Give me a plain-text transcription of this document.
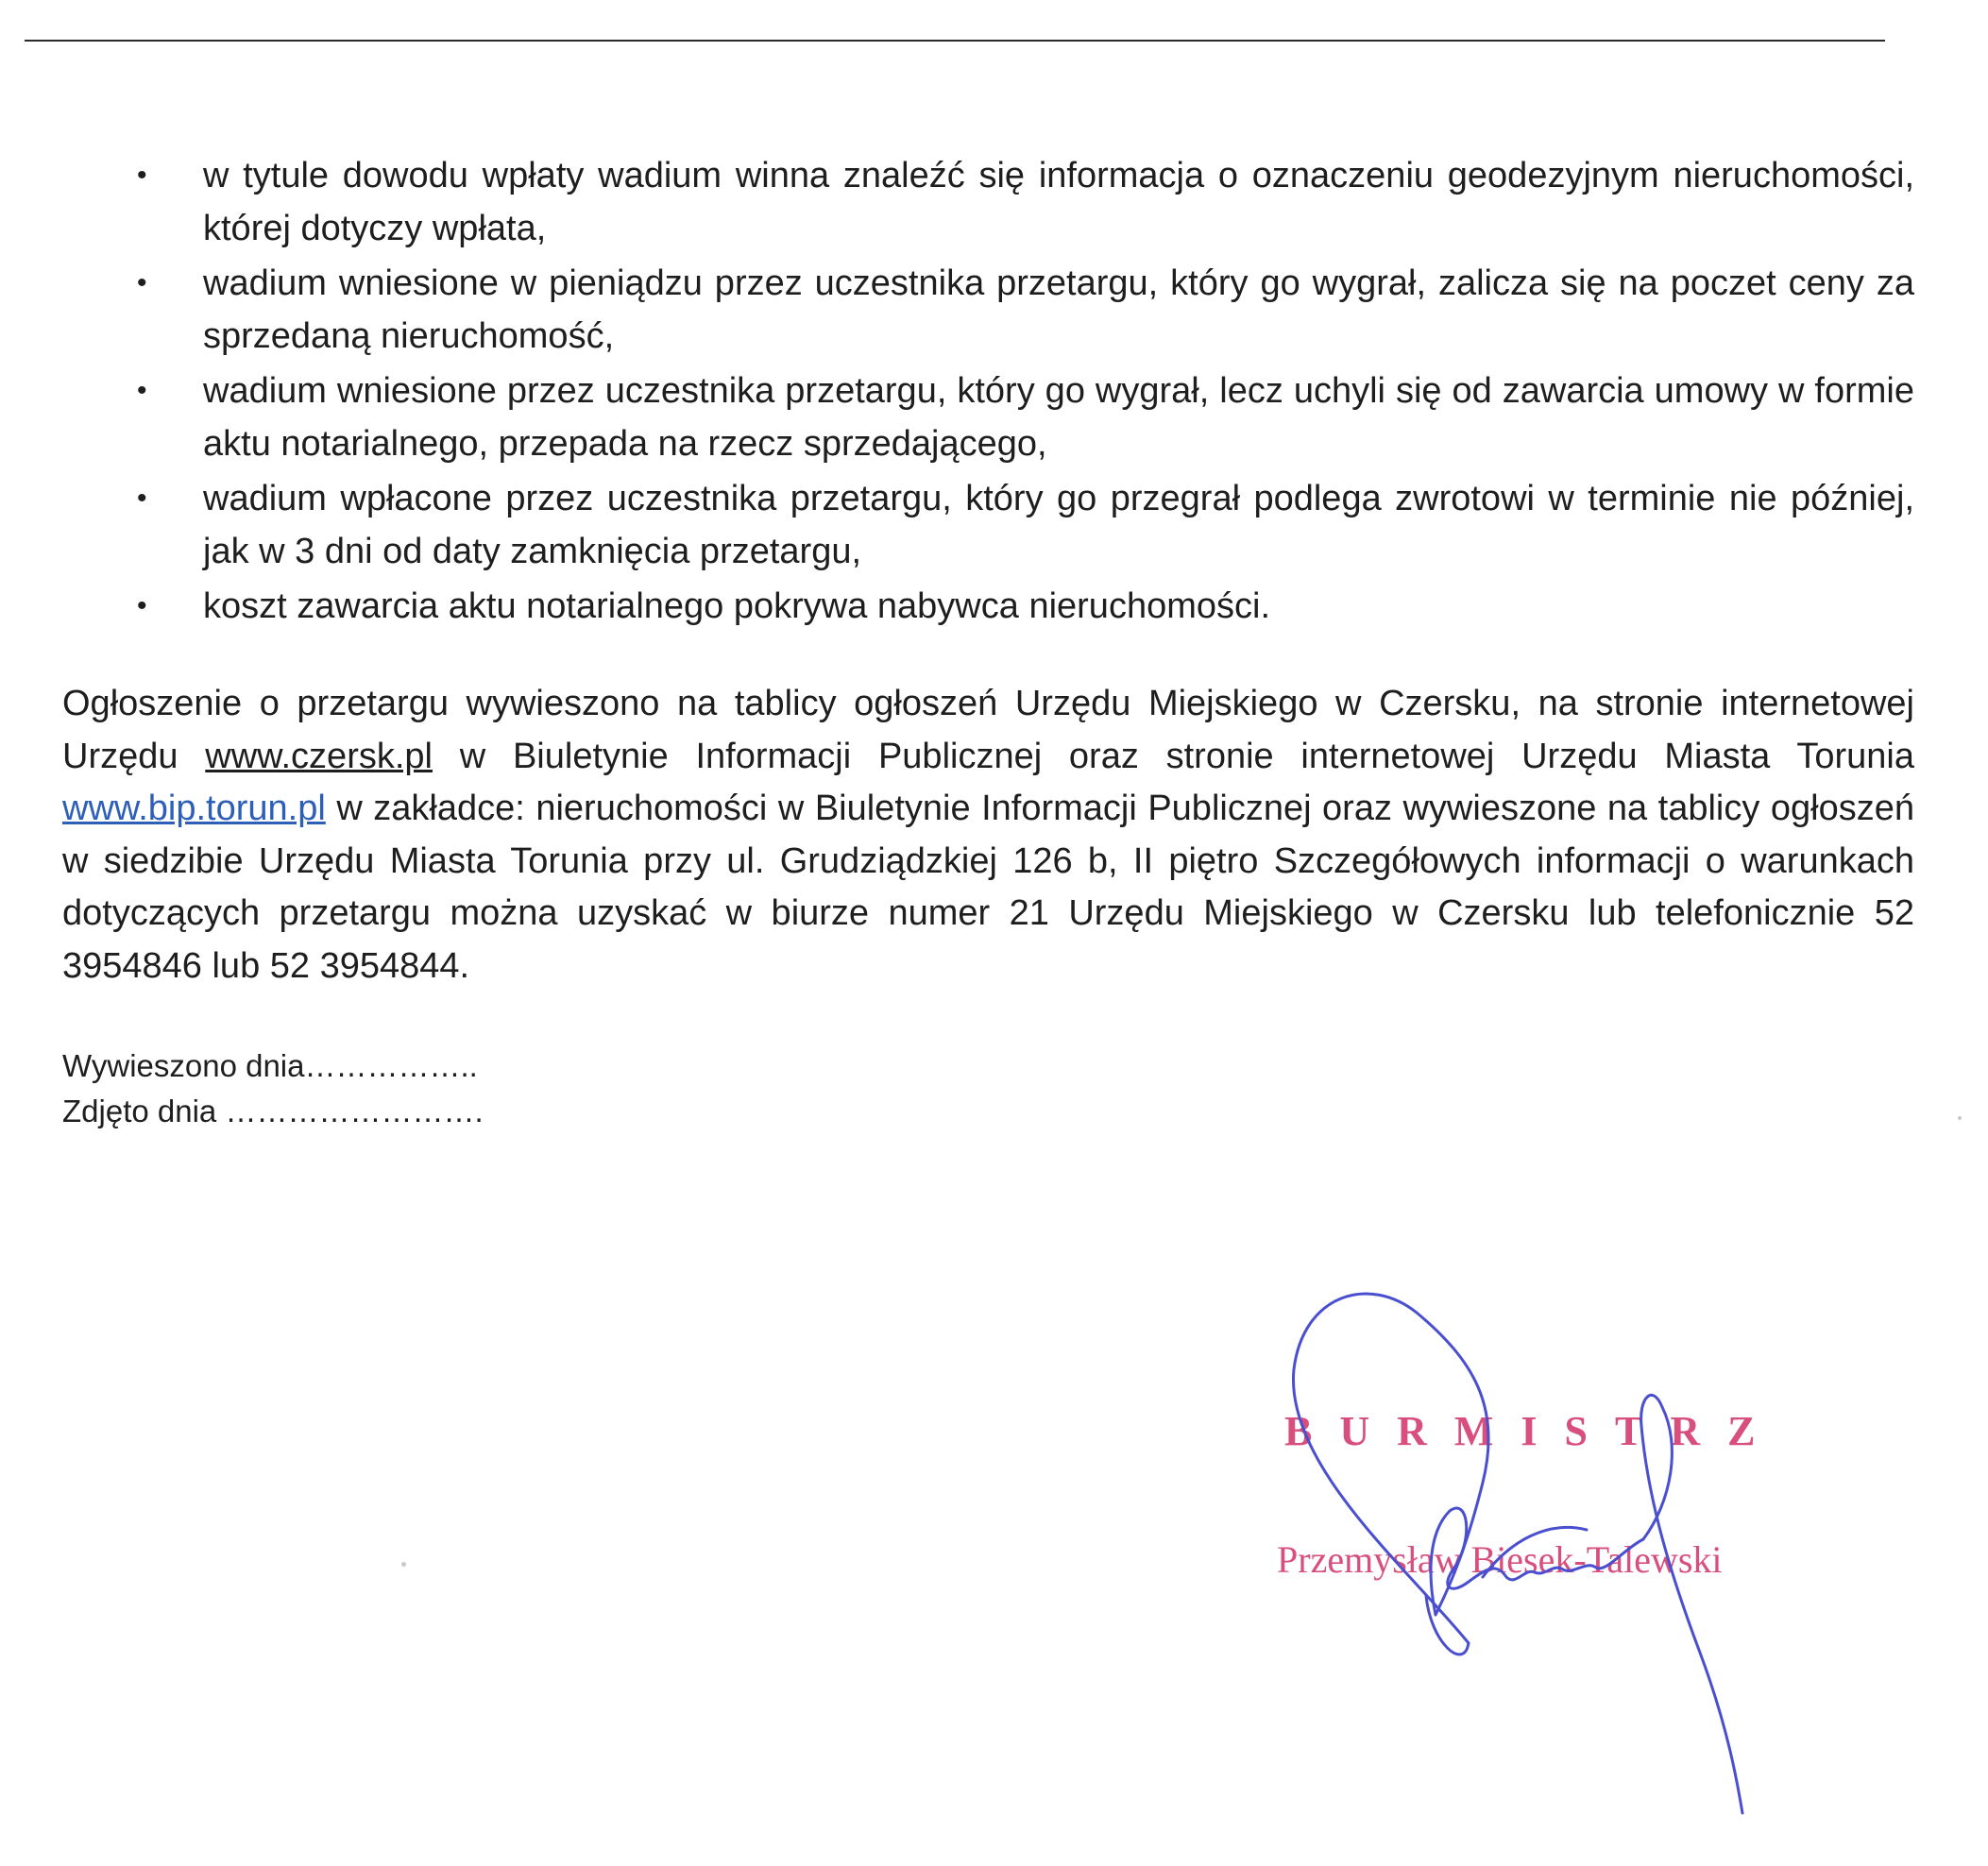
•	w tytule dowodu wpłaty wadium winna znaleźć się informacja o oznaczeniu geodezyjnym nieruchomości, której dotyczy wpłata,
•	wadium wniesione w pieniądzu przez uczestnika przetargu, który go wygrał, zalicza się na poczet ceny za sprzedaną nieruchomość,
•	wadium wniesione przez uczestnika przetargu, który go wygrał, lecz uchyli się od zawarcia umowy w formie aktu notarialnego, przepada na rzecz sprzedającego,
•	wadium wpłacone przez uczestnika przetargu, który go przegrał podlega zwrotowi w terminie nie później, jak w 3 dni od daty zamknięcia przetargu,
•	koszt zawarcia aktu notarialnego pokrywa nabywca nieruchomości.

Ogłoszenie o przetargu wywieszono na tablicy ogłoszeń Urzędu Miejskiego w Czersku, na stronie internetowej Urzędu www.czersk.pl w Biuletynie Informacji Publicznej oraz stronie internetowej Urzędu Miasta Torunia www.bip.torun.pl w zakładce: nieruchomości w Biuletynie Informacji Publicznej oraz wywieszone na tablicy ogłoszeń w siedzibie Urzędu Miasta Torunia przy ul. Grudziądzkiej 126 b, II piętro Szczegółowych informacji o warunkach dotyczących przetargu można uzyskać w biurze numer 21 Urzędu Miejskiego w Czersku lub telefonicznie 52 3954846 lub 52 3954844.

Wywieszono dnia……………..
Zdjęto dnia …………………….
BURMISTRZ
Przemysław Biesek-Talewski
